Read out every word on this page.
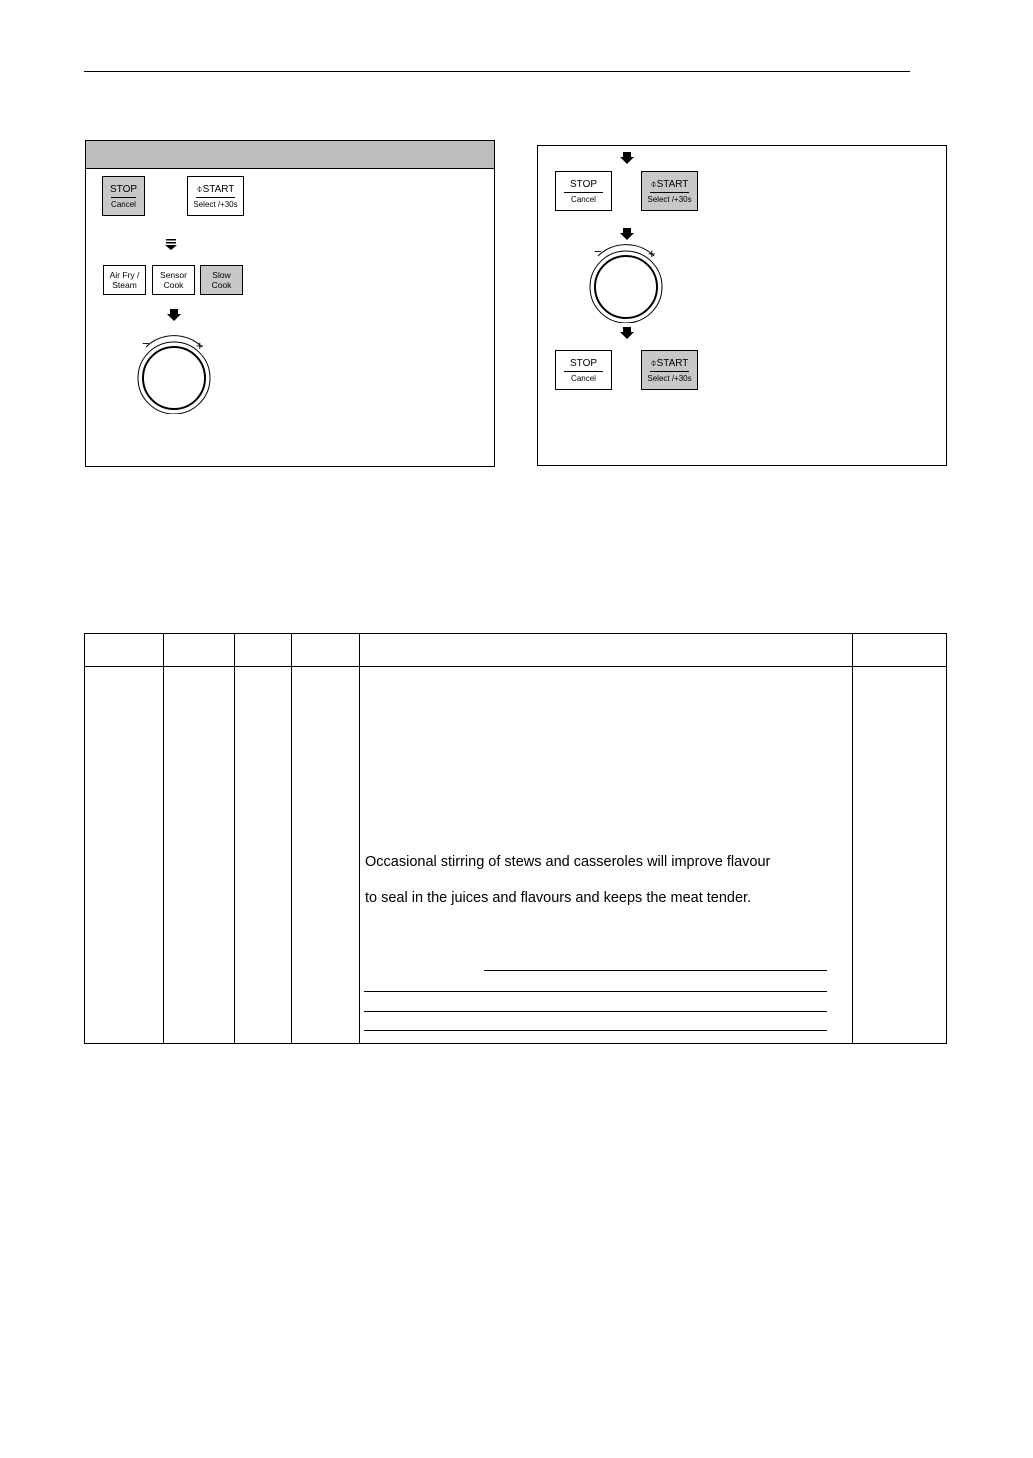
STOP
Cancel
⌽START
Select /+30s
Air Fry /
Steam
Sensor
Cook
Slow
Cook
−	+
STOP
Cancel
⌽START
Select /+30s
−	+
STOP
Cancel
⌽START
Select /+30s

				Occasional stirring of stews and casseroles will improve flavour
to seal in the juices and flavours and keeps the meat tender.	
